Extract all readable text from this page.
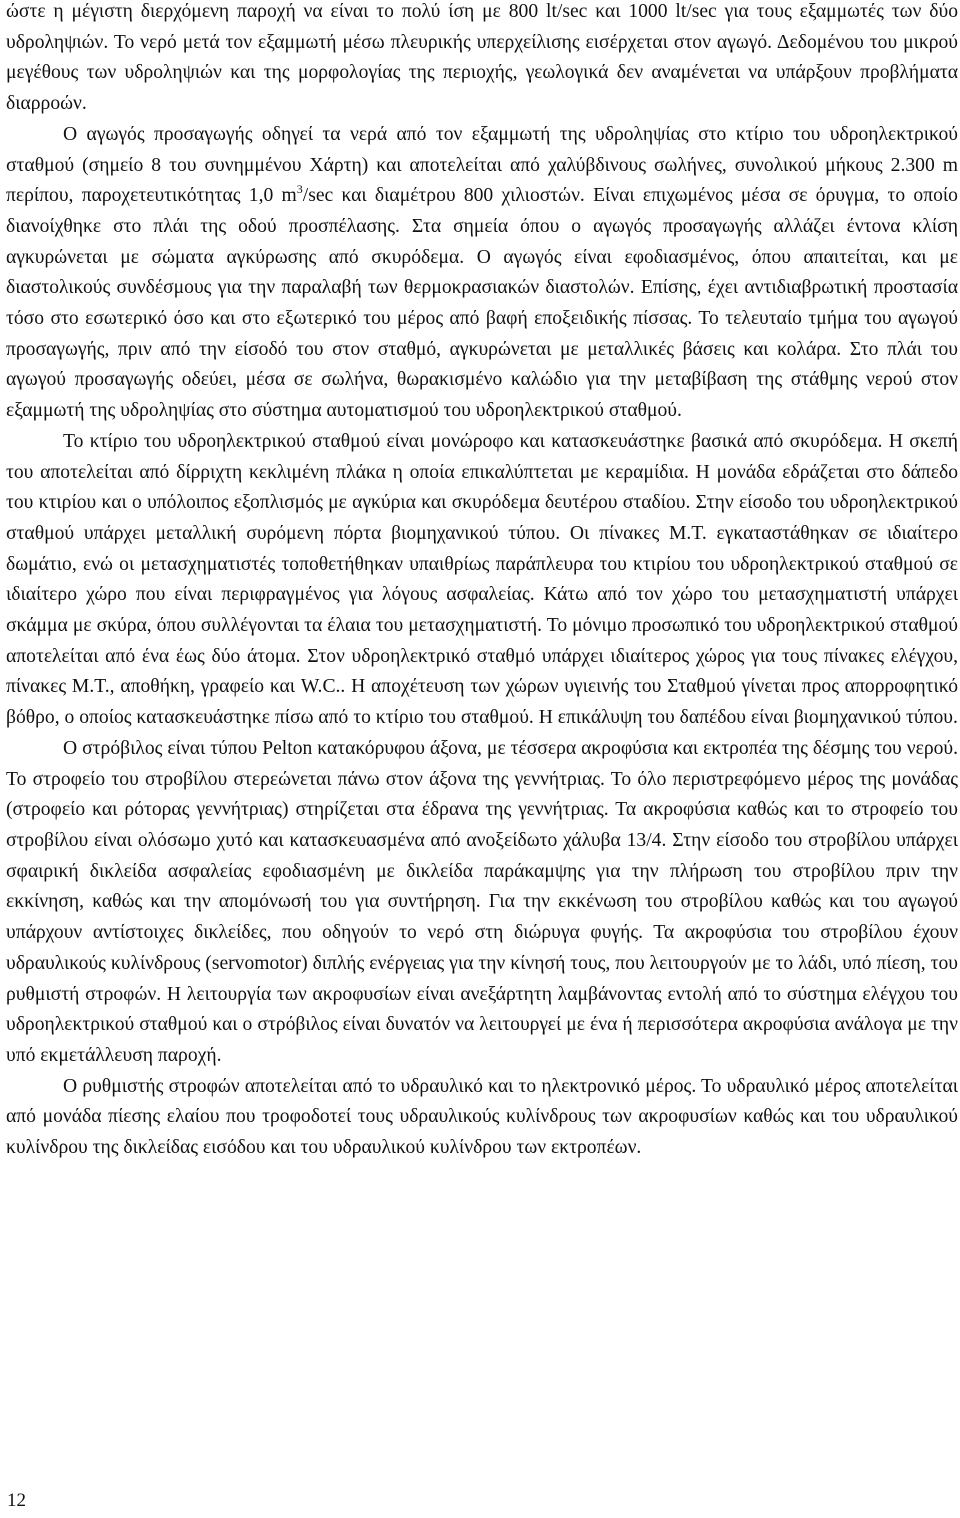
ώστε η μέγιστη διερχόμενη παροχή να είναι το πολύ ίση με 800 lt/sec και 1000 lt/sec για τους εξαμμωτές των δύο υδροληψιών. Το νερό μετά τον εξαμμωτή μέσω πλευρικής υπερχείλισης εισέρχεται στον αγωγό. Δεδομένου του μικρού μεγέθους των υδροληψιών και της μορφολογίας της περιοχής, γεωλογικά δεν αναμένεται να υπάρξουν προβλήματα διαρροών.

Ο αγωγός προσαγωγής οδηγεί τα νερά από τον εξαμμωτή της υδροληψίας στο κτίριο του υδροηλεκτρικού σταθμού (σημείο 8 του συνημμένου Χάρτη) και αποτελείται από χαλύβδινους σωλήνες, συνολικού μήκους 2.300 m περίπου, παροχετευτικότητας 1,0 $m^3/\sec$ και διαμέτρου 800 χιλιοστών. Είναι επιχωμένος μέσα σε όρυγμα, το οποίο διανοίχθηκε στο πλάι της οδού προσπέλασης. Στα σημεία όπου ο αγωγός προσαγωγής αλλάζει έντονα κλίση αγκυρώνεται με σώματα αγκύρωσης από σκυρόδεμα. Ο αγωγός είναι εφοδιασμένος, όπου απαιτείται, και με διαστολικούς συνδέσμους για την παραλαβή των θερμοκρασιακών διαστολών. Επίσης, έχει αντιδιαβρωτική προστασία τόσο στο εσωτερικό όσο και στο εξωτερικό του μέρος από βαφή εποξειδικής πίσσας. Το τελευταίο τμήμα του αγωγού προσαγωγής, πριν από την είσοδό του στον σταθμό, αγκυρώνεται με μεταλλικές βάσεις και κολάρα. Στο πλάι του αγωγού προσαγωγής οδεύει, μέσα σε σωλήνα, θωρακισμένο καλώδιο για την μεταβίβαση της στάθμης νερού στον εξαμμωτή της υδροληψίας στο σύστημα αυτοματισμού του υδροηλεκτρικού σταθμού.

Το κτίριο του υδροηλεκτρικού σταθμού είναι μονώροφο και κατασκευάστηκε βασικά από σκυρόδεμα. Η σκεπή του αποτελείται από δίρριχτη κεκλιμένη πλάκα η οποία επικαλύπτεται με κεραμίδια. Η μονάδα εδράζεται στο δάπεδο του κτιρίου και ο υπόλοιπος εξοπλισμός με αγκύρια και σκυρόδεμα δευτέρου σταδίου. Στην είσοδο του υδροηλεκτρικού σταθμού υπάρχει μεταλλική συρόμενη πόρτα βιομηχανικού τύπου. Οι πίνακες Μ.Τ. εγκαταστάθηκαν σε ιδιαίτερο δωμάτιο, ενώ οι μετασχηματιστές τοποθετήθηκαν υπαιθρίως παράπλευρα του κτιρίου του υδροηλεκτρικού σταθμού σε ιδιαίτερο χώρο που είναι περιφραγμένος για λόγους ασφαλείας. Κάτω από τον χώρο του μετασχηματιστή υπάρχει σκάμμα με σκύρα, όπου συλλέγονται τα έλαια του μετασχηματιστή. Το μόνιμο προσωπικό του υδροηλεκτρικού σταθμού αποτελείται από ένα έως δύο άτομα. Στον υδροηλεκτρικό σταθμό υπάρχει ιδιαίτερος χώρος για τους πίνακες ελέγχου, πίνακες Μ.Τ., αποθήκη, γραφείο και W.C.. Η αποχέτευση των χώρων υγιεινής του Σταθμού γίνεται προς απορροφητικό βόθρο, ο οποίος κατασκευάστηκε πίσω από το κτίριο του σταθμού. Η επικάλυψη του δαπέδου είναι βιομηχανικού τύπου.

Ο στρόβιλος είναι τύπου Pelton κατακόρυφου άξονα, με τέσσερα ακροφύσια και εκτροπέα της δέσμης του νερού. Το στροφείο του στροβίλου στερεώνεται πάνω στον άξονα της γεννήτριας. Το όλο περιστρεφόμενο μέρος της μονάδας (στροφείο και ρότορας γεννήτριας) στηρίζεται στα έδρανα της γεννήτριας. Τα ακροφύσια καθώς και το στροφείο του στροβίλου είναι ολόσωμο χυτό και κατασκευασμένα από ανοξείδωτο χάλυβα 13/4. Στην είσοδο του στροβίλου υπάρχει σφαιρική δικλείδα ασφαλείας εφοδιασμένη με δικλείδα παράκαμψης για την πλήρωση του στροβίλου πριν την εκκίνηση, καθώς και την απομόνωσή του για συντήρηση. Για την εκκένωση του στροβίλου καθώς και του αγωγού υπάρχουν αντίστοιχες δικλείδες, που οδηγούν το νερό στη διώρυγα φυγής. Τα ακροφύσια του στροβίλου έχουν υδραυλικούς κυλίνδρους (servomotor) διπλής ενέργειας για την κίνησή τους, που λειτουργούν με το λάδι, υπό πίεση, του ρυθμιστή στροφών. Η λειτουργία των ακροφυσίων είναι ανεξάρτητη λαμβάνοντας εντολή από το σύστημα ελέγχου του υδροηλεκτρικού σταθμού και ο στρόβιλος είναι δυνατόν να λειτουργεί με ένα ή περισσότερα ακροφύσια ανάλογα με την υπό εκμετάλλευση παροχή.

Ο ρυθμιστής στροφών αποτελείται από το υδραυλικό και το ηλεκτρονικό μέρος. Το υδραυλικό μέρος αποτελείται από μονάδα πίεσης ελαίου που τροφοδοτεί τους υδραυλικούς κυλίνδρους των ακροφυσίων καθώς και του υδραυλικού κυλίνδρου της δικλείδας εισόδου και του υδραυλικού κυλίνδρου των εκτροπέων.

12
